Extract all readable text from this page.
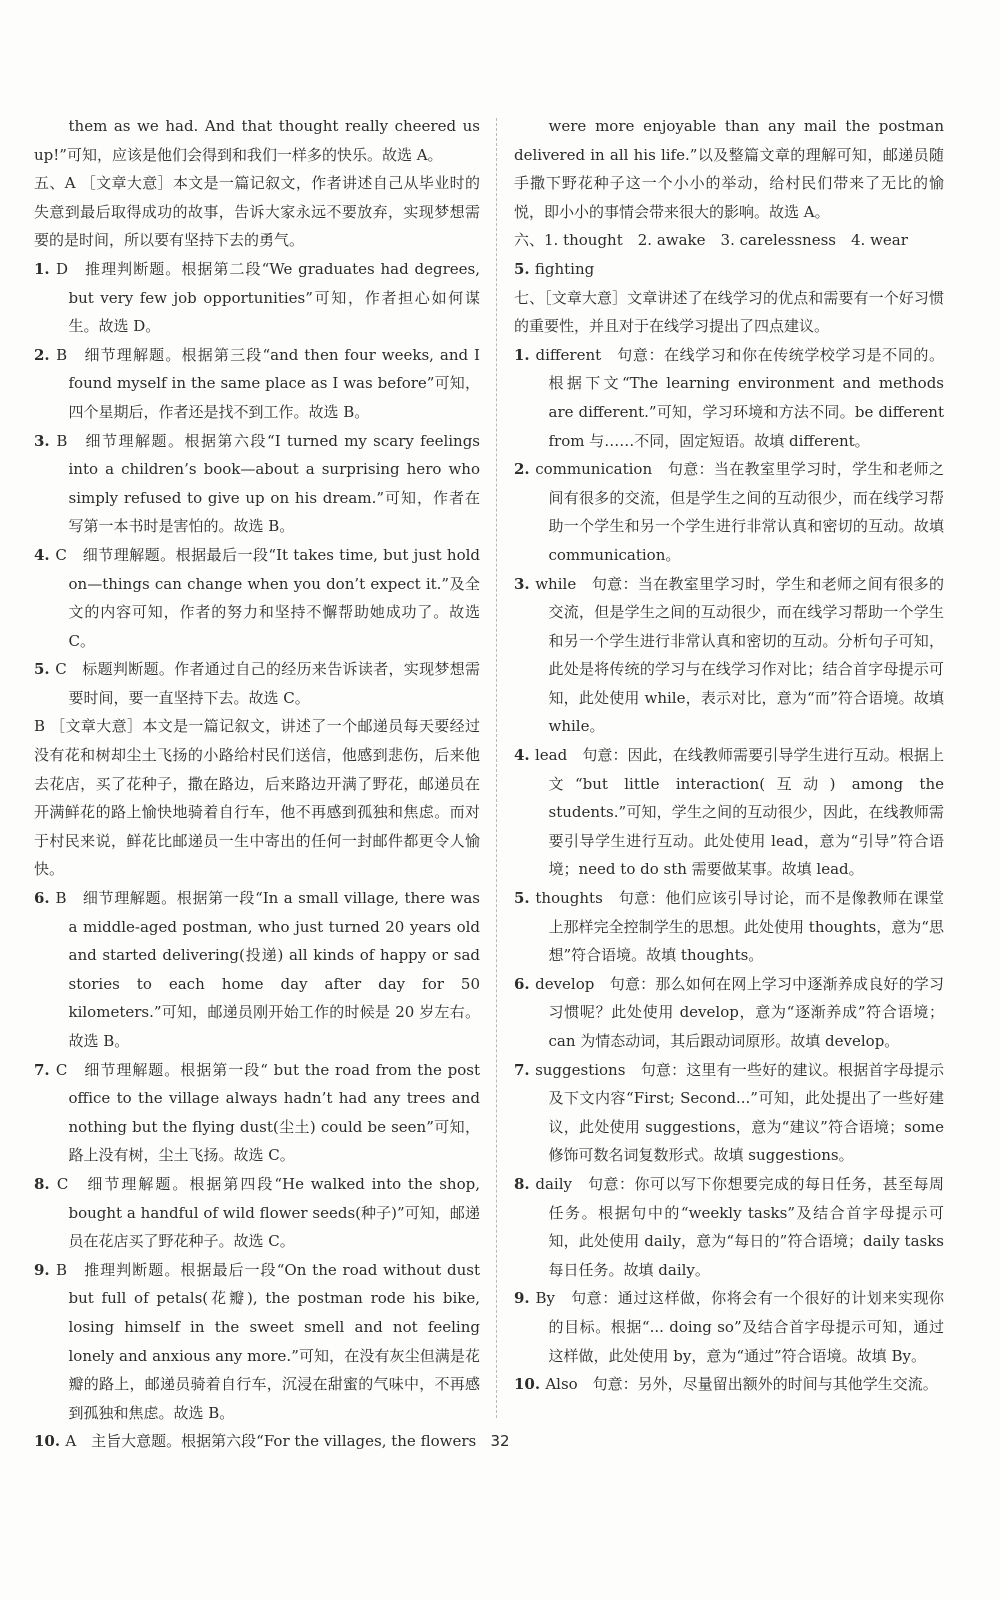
them as we had. And that thought really cheered us up!”可知，应该是他们会得到和我们一样多的快乐。故选 A。

五、A ［文章大意］本文是一篇记叙文，作者讲述自己从毕业时的失意到最后取得成功的故事，告诉大家永远不要放弃，实现梦想需要的是时间，所以要有坚持下去的勇气。

1. D　推理判断题。根据第二段“We graduates had degrees, but very few job opportunities”可知，作者担心如何谋生。故选 D。

2. B　细节理解题。根据第三段“and then four weeks, and I found myself in the same place as I was before”可知，四个星期后，作者还是找不到工作。故选 B。

3. B　细节理解题。根据第六段“I turned my scary feelings into a children’s book—about a surprising hero who simply refused to give up on his dream.”可知，作者在写第一本书时是害怕的。故选 B。

4. C　细节理解题。根据最后一段“It takes time, but just hold on—things can change when you don’t expect it.”及全文的内容可知，作者的努力和坚持不懈帮助她成功了。故选 C。

5. C　标题判断题。作者通过自己的经历来告诉读者，实现梦想需要时间，要一直坚持下去。故选 C。

B ［文章大意］本文是一篇记叙文，讲述了一个邮递员每天要经过没有花和树却尘土飞扬的小路给村民们送信，他感到悲伤，后来他去花店，买了花种子，撒在路边，后来路边开满了野花，邮递员在开满鲜花的路上愉快地骑着自行车，他不再感到孤独和焦虑。而对于村民来说，鲜花比邮递员一生中寄出的任何一封邮件都更令人愉快。

6. B　细节理解题。根据第一段“In a small village, there was a middle-aged postman, who just turned 20 years old and started delivering(投递) all kinds of happy or sad stories to each home day after day for 50 kilometers.”可知，邮递员刚开始工作的时候是 20 岁左右。故选 B。

7. C　细节理解题。根据第一段“ but the road from the post office to the village always hadn’t had any trees and nothing but the flying dust(尘土) could be seen”可知，路上没有树，尘土飞扬。故选 C。

8. C　细节理解题。根据第四段“He walked into the shop, bought a handful of wild flower seeds(种子)”可知，邮递员在花店买了野花种子。故选 C。

9. B　推理判断题。根据最后一段“On the road without dust but full of petals(花瓣), the postman rode his bike, losing himself in the sweet smell and not feeling lonely and anxious any more.”可知，在没有灰尘但满是花瓣的路上，邮递员骑着自行车，沉浸在甜蜜的气味中，不再感到孤独和焦虑。故选 B。

10. A　主旨大意题。根据第六段“For the villages, the flowers

were more enjoyable than any mail the postman delivered in all his life.”以及整篇文章的理解可知，邮递员随手撒下野花种子这一个小小的举动，给村民们带来了无比的愉悦，即小小的事情会带来很大的影响。故选 A。

六、1. thought　2. awake　3. carelessness　4. wear

5. fighting

七、［文章大意］文章讲述了在线学习的优点和需要有一个好习惯的重要性，并且对于在线学习提出了四点建议。

1. different　句意：在线学习和你在传统学校学习是不同的。根据下文“The learning environment and methods are different.”可知，学习环境和方法不同。be different from 与……不同，固定短语。故填 different。

2. communication　句意：当在教室里学习时，学生和老师之间有很多的交流，但是学生之间的互动很少，而在线学习帮助一个学生和另一个学生进行非常认真和密切的互动。故填 communication。

3. while　句意：当在教室里学习时，学生和老师之间有很多的交流，但是学生之间的互动很少，而在线学习帮助一个学生和另一个学生进行非常认真和密切的互动。分析句子可知，此处是将传统的学习与在线学习作对比；结合首字母提示可知，此处使用 while，表示对比，意为“而”符合语境。故填 while。

4. lead　句意：因此，在线教师需要引导学生进行互动。根据上文“but little interaction(互动) among the students.”可知，学生之间的互动很少，因此，在线教师需要引导学生进行互动。此处使用 lead，意为“引导”符合语境；need to do sth 需要做某事。故填 lead。

5. thoughts　句意：他们应该引导讨论，而不是像教师在课堂上那样完全控制学生的思想。此处使用 thoughts，意为“思想”符合语境。故填 thoughts。

6. develop　句意：那么如何在网上学习中逐渐养成良好的学习习惯呢？此处使用 develop，意为“逐渐养成”符合语境；can 为情态动词，其后跟动词原形。故填 develop。

7. suggestions　句意：这里有一些好的建议。根据首字母提示及下文内容“First; Second...”可知，此处提出了一些好建议，此处使用 suggestions，意为“建议”符合语境；some 修饰可数名词复数形式。故填 suggestions。

8. daily　句意：你可以写下你想要完成的每日任务，甚至每周任务。根据句中的“weekly tasks”及结合首字母提示可知，此处使用 daily，意为“每日的”符合语境；daily tasks 每日任务。故填 daily。

9. By　句意：通过这样做，你将会有一个很好的计划来实现你的目标。根据“... doing so”及结合首字母提示可知，通过这样做，此处使用 by，意为“通过”符合语境。故填 By。

10. Also　句意：另外，尽量留出额外的时间与其他学生交流。

32
